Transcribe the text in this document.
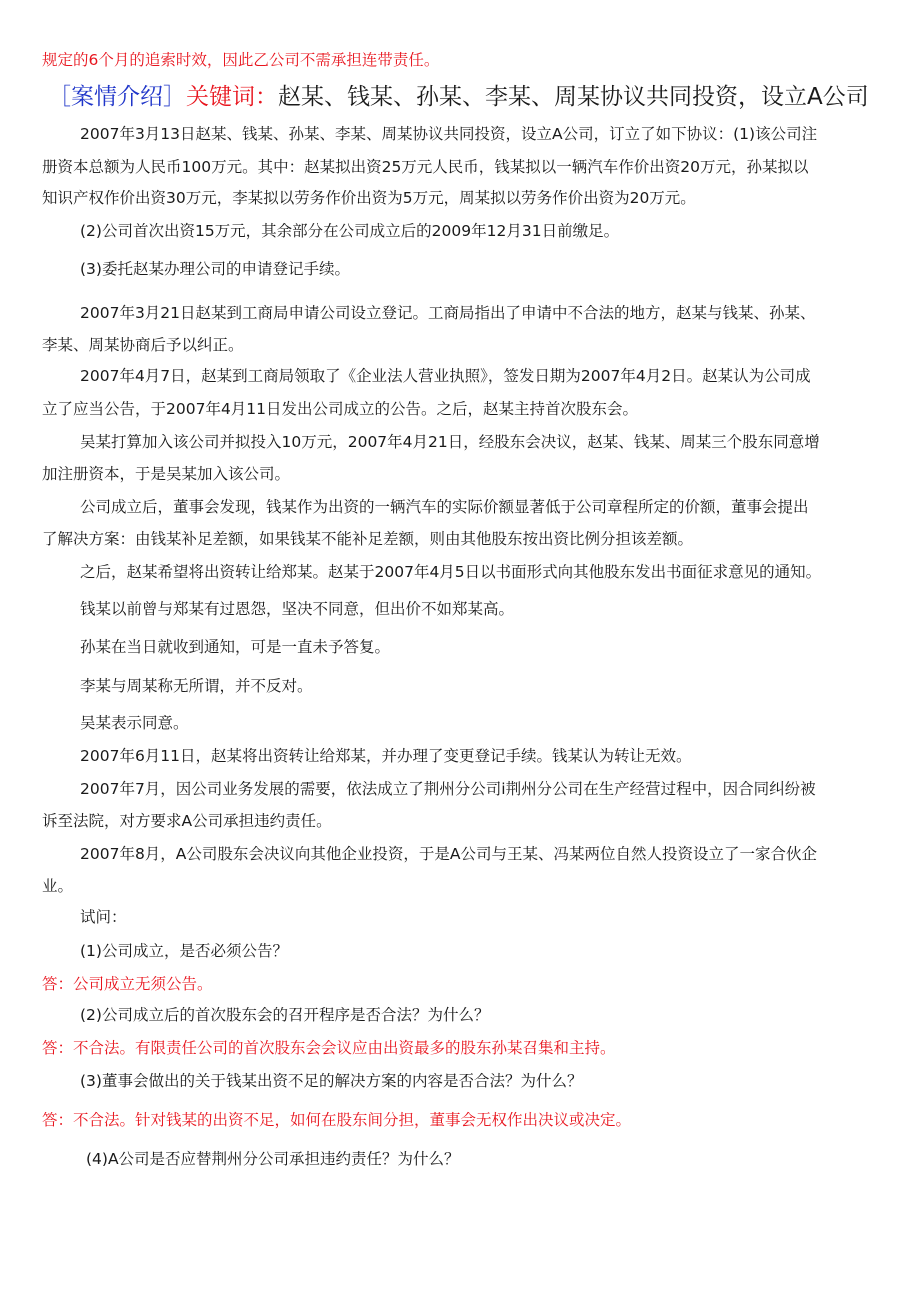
规定的6个月的追索时效，因此乙公司不需承担连带责任。
［案情介绍］关键词：赵某、钱某、孙某、李某、周某协议共同投资，设立A公司
2007年3月13日赵某、钱某、孙某、李某、周某协议共同投资，设立A公司，订立了如下协议：(1)该公司注
册资本总额为人民币100万元。其中：赵某拟出资25万元人民币，钱某拟以一辆汽车作价出资20万元，孙某拟以
知识产权作价出资30万元，李某拟以劳务作价出资为5万元，周某拟以劳务作价出资为20万元。
(2)公司首次出资15万元，其余部分在公司成立后的2009年12月31日前缴足。
(3)委托赵某办理公司的申请登记手续。
2007年3月21日赵某到工商局申请公司设立登记。工商局指出了申请中不合法的地方，赵某与钱某、孙某、
李某、周某协商后予以纠正。
2007年4月7日，赵某到工商局领取了《企业法人营业执照》，签发日期为2007年4月2日。赵某认为公司成
立了应当公告，于2007年4月11日发出公司成立的公告。之后，赵某主持首次股东会。
吴某打算加入该公司并拟投入10万元，2007年4月21日，经股东会决议，赵某、钱某、周某三个股东同意增
加注册资本，于是吴某加入该公司。
公司成立后，董事会发现，钱某作为出资的一辆汽车的实际价额显著低于公司章程所定的价额，董事会提出
了解决方案：由钱某补足差额，如果钱某不能补足差额，则由其他股东按出资比例分担该差额。
之后，赵某希望将出资转让给郑某。赵某于2007年4月5日以书面形式向其他股东发出书面征求意见的通知。
钱某以前曾与郑某有过恩怨，坚决不同意，但出价不如郑某高。
孙某在当日就收到通知，可是一直未予答复。
李某与周某称无所谓，并不反对。
吴某表示同意。
2007年6月11日，赵某将出资转让给郑某，并办理了变更登记手续。钱某认为转让无效。
2007年7月，因公司业务发展的需要，依法成立了荆州分公司i荆州分公司在生产经营过程中，因合同纠纷被
诉至法院，对方要求A公司承担违约责任。
2007年8月，A公司股东会决议向其他企业投资，于是A公司与王某、冯某两位自然人投资设立了一家合伙企
业。
试问：
(1)公司成立，是否必须公告？
答：公司成立无须公告。
(2)公司成立后的首次股东会的召开程序是否合法？为什么？
答：不合法。有限责任公司的首次股东会会议应由出资最多的股东孙某召集和主持。
(3)董事会做出的关于钱某出资不足的解决方案的内容是否合法？为什么？
答：不合法。针对钱某的出资不足，如何在股东间分担，董事会无权作出决议或决定。
(4)A公司是否应替荆州分公司承担违约责任？为什么？
